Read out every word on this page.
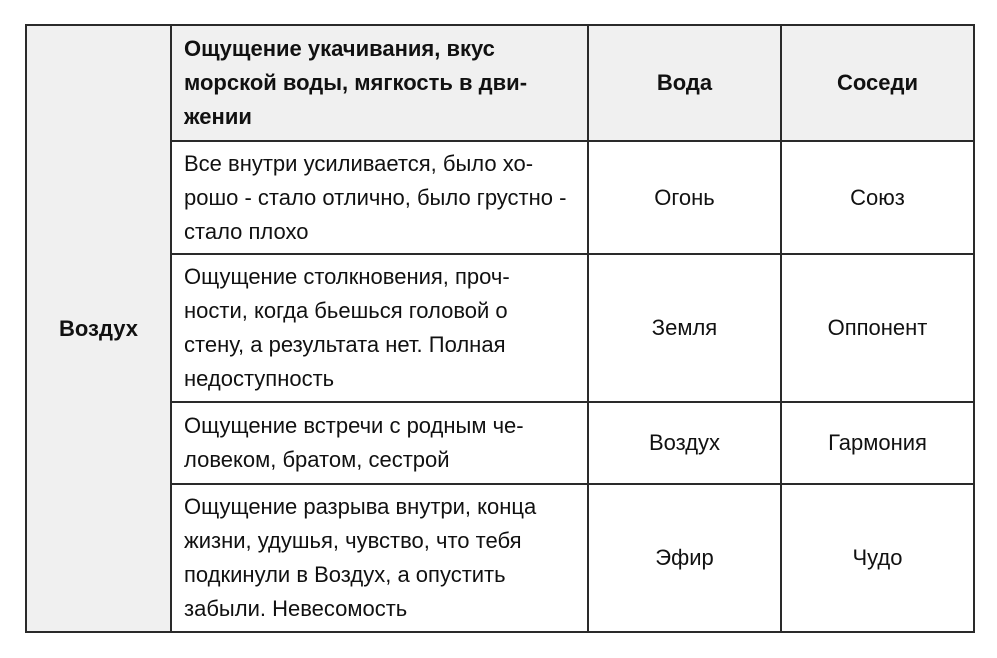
Воздух	Ощущение укачивания, вкус морской воды, мягкость в дви-жении	Вода	Соседи

	Все внутри усиливается, было хо-рошо - стало отлично, было грустно - стало плохо	Огонь	Союз

	Ощущение столкновения, проч-ности, когда бьешься головой о стену, а результата нет. Полная недоступность	Земля	Оппонент

	Ощущение встречи с родным че-ловеком, братом, сестрой	Воздух	Гармония

	Ощущение разрыва внутри, конца жизни, удушья, чувство, что тебя подкинули в Воздух, а опустить забыли. Невесомость	Эфир	Чудо
